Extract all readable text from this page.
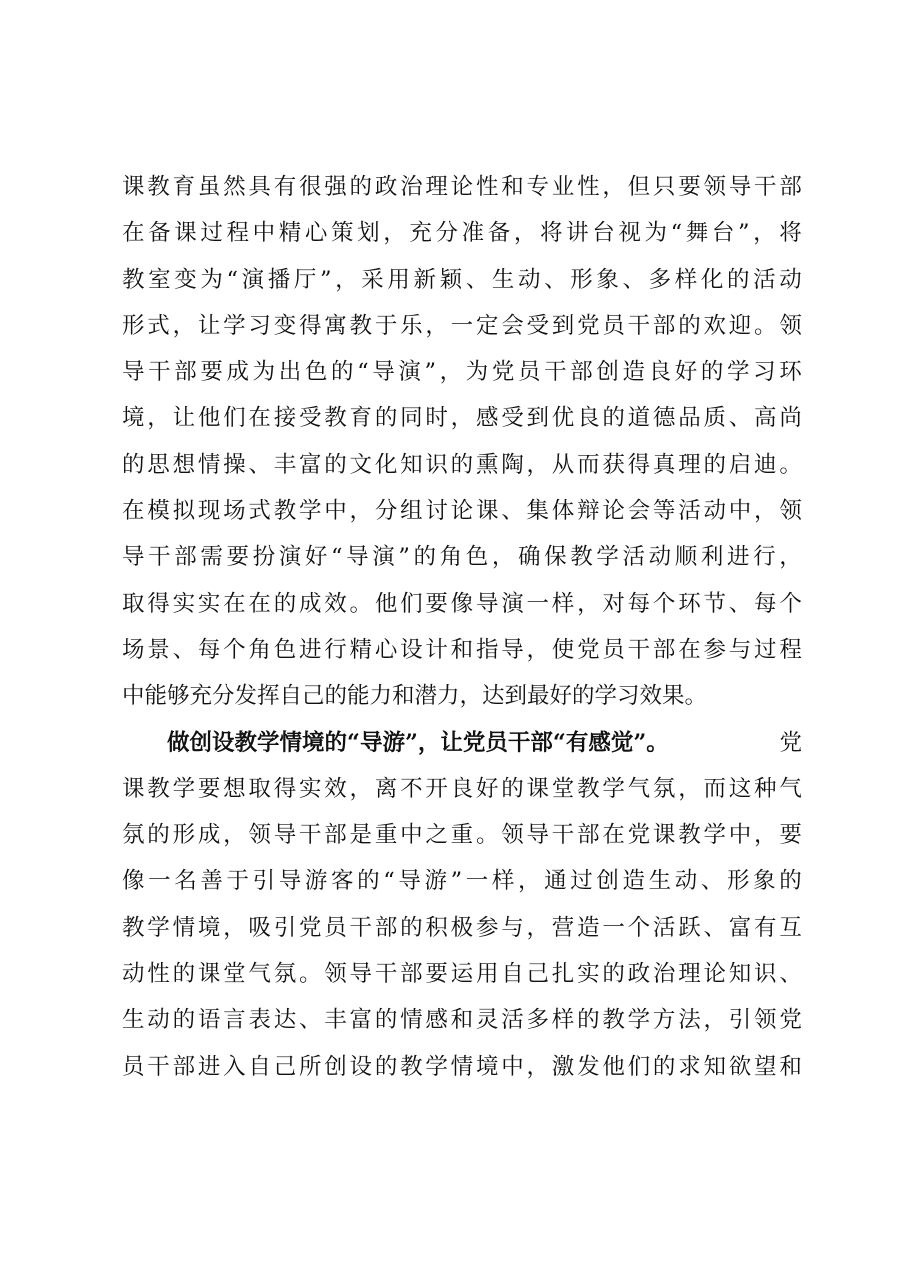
课 教 育 虽 然 具 有 很 强 的 政 治 理 论 性 和 专 业 性 ， 但 只 要 领 导 干 部
在 备 课 过 程 中 精 心 策 划 ， 充 分 准 备 ， 将 讲 台 视 为 “ 舞 台 ” ， 将
教 室 变 为 “ 演 播 厅 ” ， 采 用 新 颖 、 生 动 、 形 象 、 多 样 化 的 活 动
形 式 ， 让 学 习 变 得 寓 教 于 乐 ， 一 定 会 受 到 党 员 干 部 的 欢 迎 。 领
导 干 部 要 成 为 出 色 的 “ 导 演 ” ， 为 党 员 干 部 创 造 良 好 的 学 习 环
境 ， 让 他 们 在 接 受 教 育 的 同 时 ， 感 受 到 优 良 的 道 德 品 质 、 高 尚
的 思 想 情 操 、 丰 富 的 文 化 知 识 的 熏 陶 ， 从 而 获 得 真 理 的 启 迪 。
在 模 拟 现 场 式 教 学 中 ， 分 组 讨 论 课 、 集 体 辩 论 会 等 活 动 中 ， 领
导 干 部 需 要 扮 演 好 “ 导 演 ” 的 角 色 ， 确 保 教 学 活 动 顺 利 进 行 ，
取 得 实 实 在 在 的 成 效 。 他 们 要 像 导 演 一 样 ， 对 每 个 环 节 、 每 个
场 景 、 每 个 角 色 进 行 精 心 设 计 和 指 导 ， 使 党 员 干 部 在 参 与 过 程
中能够充分发挥自己的能力和潜力，达到最好的学习效果。
做创设教学情境的“导游”，让党员干部“有感觉”。	党
课 教 学 要 想 取 得 实 效 ， 离 不 开 良 好 的 课 堂 教 学 气 氛 ， 而 这 种 气
氛 的 形 成 ， 领 导 干 部 是 重 中 之 重 。 领 导 干 部 在 党 课 教 学 中 ， 要
像 一 名 善 于 引 导 游 客 的 “ 导 游 ” 一 样 ， 通 过 创 造 生 动 、 形 象 的
教 学 情 境 ， 吸 引 党 员 干 部 的 积 极 参 与 ， 营 造 一 个 活 跃 、 富 有 互
动 性 的 课 堂 气 氛 。 领 导 干 部 要 运 用 自 己 扎 实 的 政 治 理 论 知 识 、
生 动 的 语 言 表 达 、 丰 富 的 情 感 和 灵 活 多 样 的 教 学 方 法 ， 引 领 党
员 干 部 进 入 自 己 所 创 设 的 教 学 情 境 中 ， 激 发 他 们 的 求 知 欲 望 和
